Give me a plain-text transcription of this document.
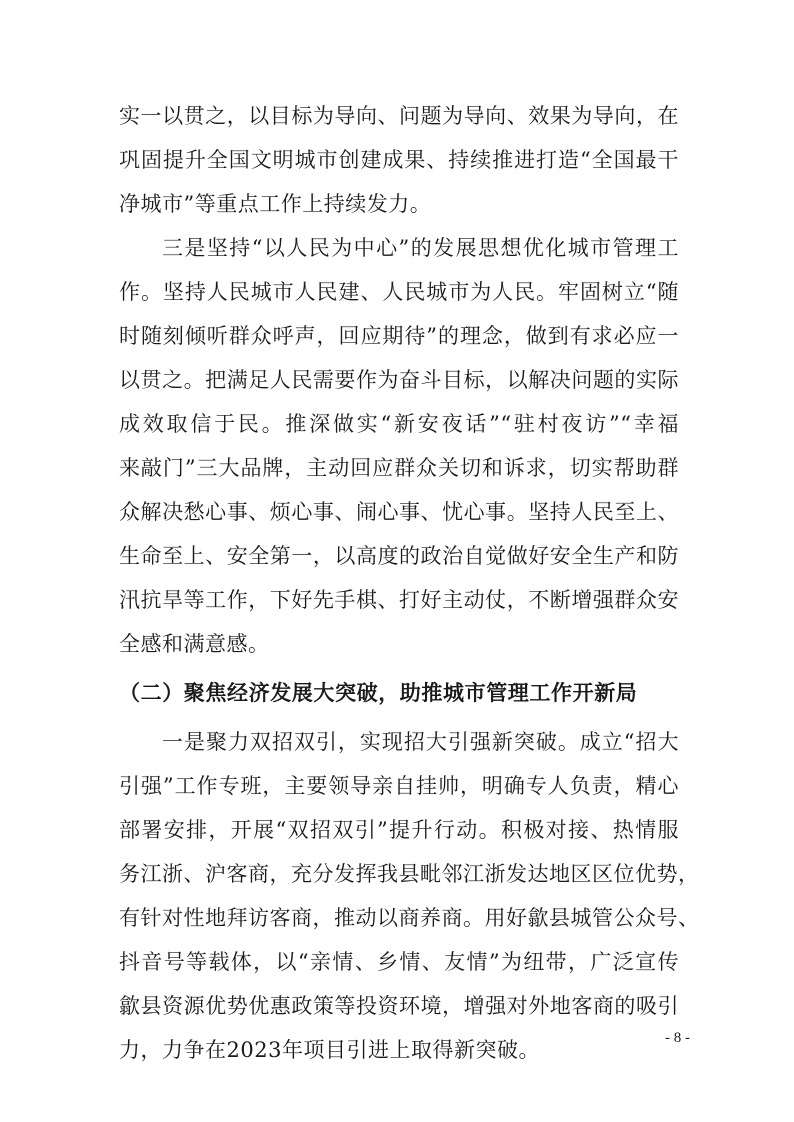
实一以贯之，以目标为导向、问题为导向、效果为导向，在
巩固提升全国文明城市创建成果、持续推进打造“全国最干
净城市”等重点工作上持续发力。
三是坚持“以人民为中心”的发展思想优化城市管理工
作。坚持人民城市人民建、人民城市为人民。牢固树立“随
时随刻倾听群众呼声，回应期待”的理念，做到有求必应一
以贯之。把满足人民需要作为奋斗目标，以解决问题的实际
成效取信于民。推深做实“新安夜话”“驻村夜访”“幸福
来敲门”三大品牌，主动回应群众关切和诉求，切实帮助群
众解决愁心事、烦心事、闹心事、忧心事。坚持人民至上、
生命至上、安全第一，以高度的政治自觉做好安全生产和防
汛抗旱等工作，下好先手棋、打好主动仗，不断增强群众安
全感和满意感。
（二）聚焦经济发展大突破，助推城市管理工作开新局
一是聚力双招双引，实现招大引强新突破。成立“招大
引强”工作专班，主要领导亲自挂帅，明确专人负责，精心
部署安排，开展“双招双引”提升行动。积极对接、热情服
务江浙、沪客商，充分发挥我县毗邻江浙发达地区区位优势，
有针对性地拜访客商，推动以商养商。用好歙县城管公众号、
抖音号等载体，以“亲情、乡情、友情”为纽带，广泛宣传
歙县资源优势优惠政策等投资环境，增强对外地客商的吸引
力，力争在2023年项目引进上取得新突破。	- 8 -
